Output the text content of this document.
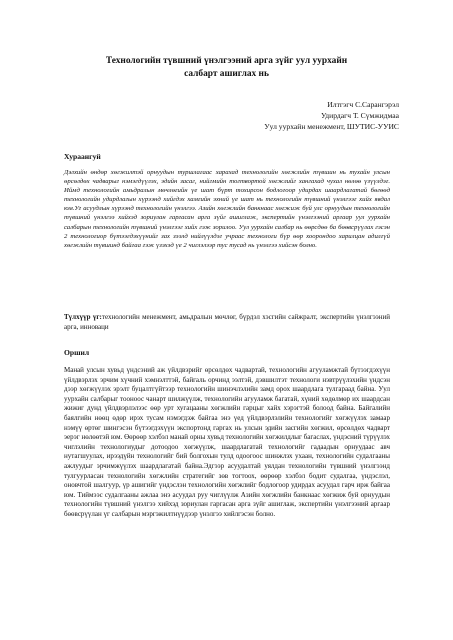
Технологийн түвшний үнэлгээний арга зүйг уул уурхайн
салбарт ашиглах нь
Илтгэгч С.Сарангэрэл
Удирдагч Т. Сүмжидмаа
Уул уурхайн менежмент, ШУТИС-УУИС
Хураангуй
Дэлхийн өндөр хөгжилтэй орнуудын туршлагаас харахад технологийн хөгжлийн түвшин нь тухайн улсын өрсөлдөх чадварыг нэмэгдүүлэх, эдийн засаг, нийгмийн тогтвортой хөгжлийг хангахад чухал нөлөө үзүүлдэг. Иймд технологийн амьдралын мөчлөгийн үе шат бүрт тохирсон бодлогоор удирдах шаардлагатай бөгөөд технологийн удирдлагын хүрээнд хийгдэх хамгийн эхний үе шат нь технологийн түвшний үнэлгээг хийх явдал юм.Уг асуудлын хүрээнд технологийн үнэлгээ. Азийн хөгжлийн банкнаас хөгжиж буй улс орнуудын технологийн түвшний үнэлгээ хийхэд зориулан гаргасан арга зүйг ашиглаж, экспертийн үнэлгээний аргаар уул уурхайн салбарын технологийн түвшний үнэлгээг хийх гэж зорилоо. Уул уурхайн салбар нь өөрсдөө ба бөөвсрүүлах гэсэн 2 технологиор бүтээгдэхүүнийг зах зээлд нийлүүлдэг учраас технологи бүр өөр хоорондоо харилцан адилгүй хөгжлийн түвшинд байгаа гэж үзэхэд үе 2 чиглэлээр тус тусад нь үнэлгээ хийсэн болно.
Түлхүүр үг:технологийн менежмент, амьдралын мөчлөг, бүрдэл хэсгийн сайжралт, экспертийн үнэлгээний арга, инноваци
Оршил
Манай улсын хувьд үндсэний аж үйлдвэрийг өрсөлдөх чадвартай, технологийн агууламжтай бүтээгдэхүүн үйлдвэрлэх эрчим хүчний хэмнэлттэй, байгаль орчинд ээлтэй, дэвшилтэт технологи нэвтрүүлэхийн үндсэн дээр хөгжүүлэх эрэлт буцалтгүйтээр технологийн шинэчлэлийн замд орох шаардлага тулгараад байна. Уул уурхайн салбарыг тооноос чанарт шилжүүлж, технологийн агууламж багатай, хүний хөдөлмөр их шаардсан жижиг дунд үйлдвэрлэлээс өөр урт хугацааны хөгжлийн гарцыг хайх хэрэгтэй болоод байна. Байгалийн баялгийн нөөц өдөр ирэх тусам нэмэгдэж байгаа энэ үед үйлдвэрлэлийн технологийг хөгжүүлэх замаар нэмүү өртөг шингэсэн бүтээгдэхүүн экспортонд гаргах нь улсын эдийн засгийн хөгжил, өрсөлдөх чадварт эерэг нөлөөтэй юм. Өөрөөр хэлбэл манай орны хувьд технологийн хөгжилдлыг багаслах, үндэсний түрүүлэх чиглэлийн технологиудыг дотоодоо хөгжүүлж, шаардлагатай технологийг гадаадын орнуудаас авч нутагшуулах, ирээдүйн технологийг бий болгохын тулд одоогоос шинжлэх ухаан, технологийн судалгааны ажлуудыг эрчимжүүлэх шаардлагатай байна.Эдгээр асуудалтай уялдан технологийн түвшний үнэлгээнд тулгуурласан технологийн хөгжлийн стратегийг зөв тогтоох, өөрөөр хэлбэл бодит судалгаа, үндэслэл, оновчтой шалгуур, үр ашигийг үндэслэн технологийн хөгжлийг бодлогоор удирдах асуудал гарч ирж байгаа юм. Тиймээс судалгааны ажлаа энэ асуудал руу чиглүүлж Азийн хөгжлийн банкнаас хөгжиж буй орнуудын технологийн түвшний үнэлгээ хийхэд зориулан гаргасан арга зүйг ашиглаж, экспертийн үнэлгээний аргаар бөөвсрүүлан үг салбарын мэргэжилтнүүдээр үнэлгээ хийлгэсэн болно.
